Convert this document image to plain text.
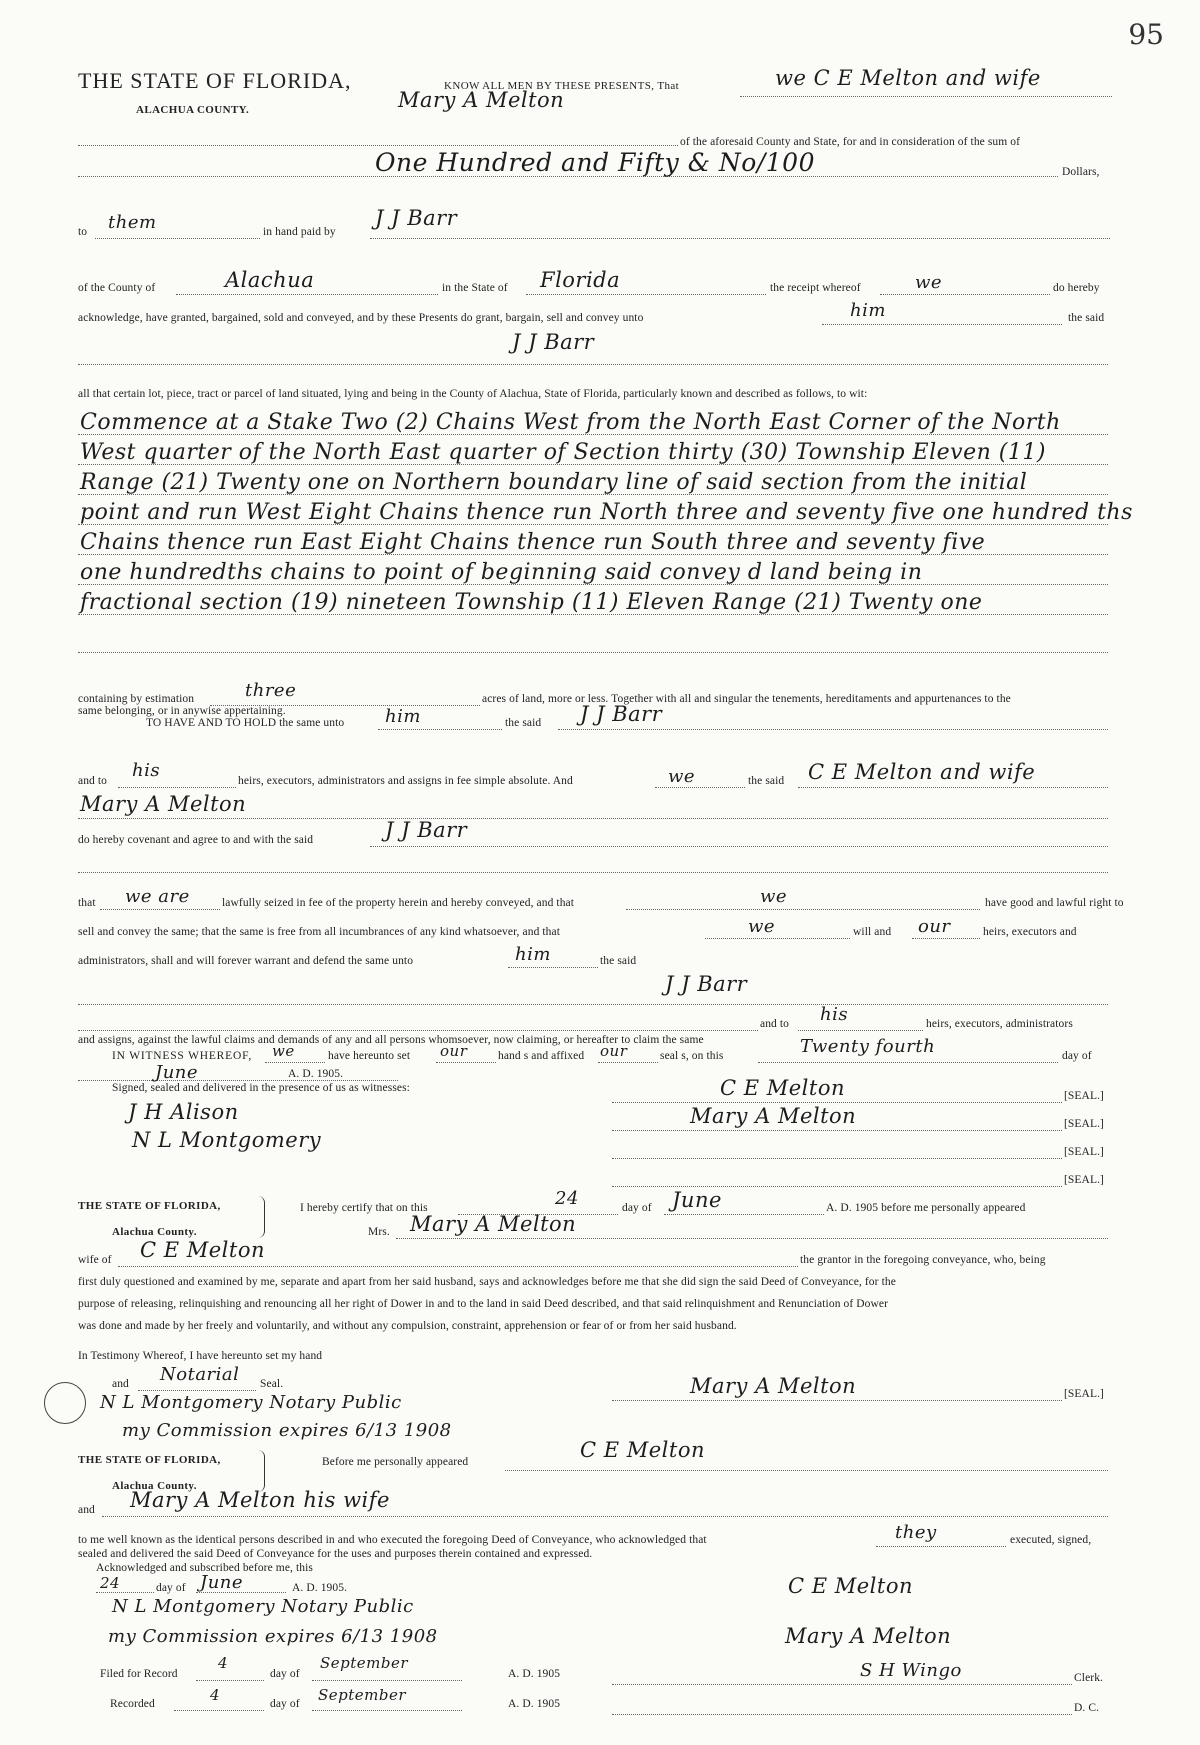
95
THE STATE OF FLORIDA,
ALACHUA COUNTY.
KNOW ALL MEN BY THESE PRESENTS, That	we C E Melton and wife
Mary A Melton
of the aforesaid County and State, for and in consideration of the sum of
One Hundred and Fifty & No/100	Dollars,
to them	in hand paid by
J J Barr
of the County of	Alachua	in the State of Florida	the receipt whereof	we	do hereby
acknowledge, have granted, bargained, sold and conveyed, and by these Presents do grant, bargain, sell and convey unto	him	the said
J J Barr
all that certain lot, piece, tract or parcel of land situated, lying and being in the County of Alachua, State of Florida, particularly known and described as follows, to wit:
Commence at a Stake Two (2) Chains West from the North East Corner of the North
West quarter of the North East quarter of Section thirty (30) Township Eleven (11)
Range (21) Twenty one on Northern boundary line of said section from the initial
point and run West Eight Chains thence run North three and seventy five one hundred ths
Chains thence run East Eight Chains thence run South three and seventy five
one hundredths chains to point of beginning said convey d land being in
fractional section (19) nineteen Township (11) Eleven Range (21) Twenty one
containing by estimation	three	acres of land, more or less. Together with all and singular the tenements, hereditaments and appurtenances to the
same belonging, or in anywise appertaining.
TO HAVE AND TO HOLD the same unto him	the said J J Barr
and to his	heirs, executors, administrators and assigns in fee simple absolute. And	we	the said C E Melton and wife
Mary A Melton
do hereby covenant and agree to and with the said	J J Barr
that we are	lawfully seized in fee of the property herein and hereby conveyed, and that	we	have good and lawful right to
sell and convey the same; that the same is free from all incumbrances of any kind whatsoever, and that	we	will and our	heirs, executors and
administrators, shall and will forever warrant and defend the same unto	him	the said
J J Barr
and to his	heirs, executors, administrators
and assigns, against the lawful claims and demands of any and all persons whomsoever, now claiming, or hereafter to claim the same
IN WITNESS WHEREOF, we	have hereunto set our	hand s and affixed our	seal s, on this	Twenty fourth	day of
June	A. D. 1905.
Signed, sealed and delivered in the presence of us as witnesses:
J H Alison
N L Montgomery
C E Melton	[SEAL.]
Mary A Melton	[SEAL.]
[SEAL.]
[SEAL.]
THE STATE OF FLORIDA,
Alachua County.
I hereby certify that on this	24	day of June	A. D. 1905 before me personally appeared
Mrs. Mary A Melton
wife of C E Melton	the grantor in the foregoing conveyance, who, being
first duly questioned and examined by me, separate and apart from her said husband, says and acknowledges before me that she did sign the said Deed of Conveyance, for the
purpose of releasing, relinquishing and renouncing all her right of Dower in and to the land in said Deed described, and that said relinquishment and Renunciation of Dower
was done and made by her freely and voluntarily, and without any compulsion, constraint, apprehension or fear of or from her said husband.
In Testimony Whereof, I have hereunto set my hand
and Notarial Seal.
N L Montgomery Notary Public
my Commission expires 6/13 1908
Mary A Melton	[SEAL.]
THE STATE OF FLORIDA,
Alachua County.
Before me personally appeared	C E Melton
and Mary A Melton his wife
to me well known as the identical persons described in and who executed the foregoing Deed of Conveyance, who acknowledged that	they	executed, signed,
sealed and delivered the said Deed of Conveyance for the uses and purposes therein contained and expressed.
Acknowledged and subscribed before me, this
24	day of June	A. D. 1905.
N L Montgomery Notary Public
my Commission expires 6/13 1908
C E Melton
Mary A Melton
S H Wingo
Filed for Record
4
day of
September
A. D. 1905
Recorded	4	day of September	A. D. 1905
Clerk.
D. C.
